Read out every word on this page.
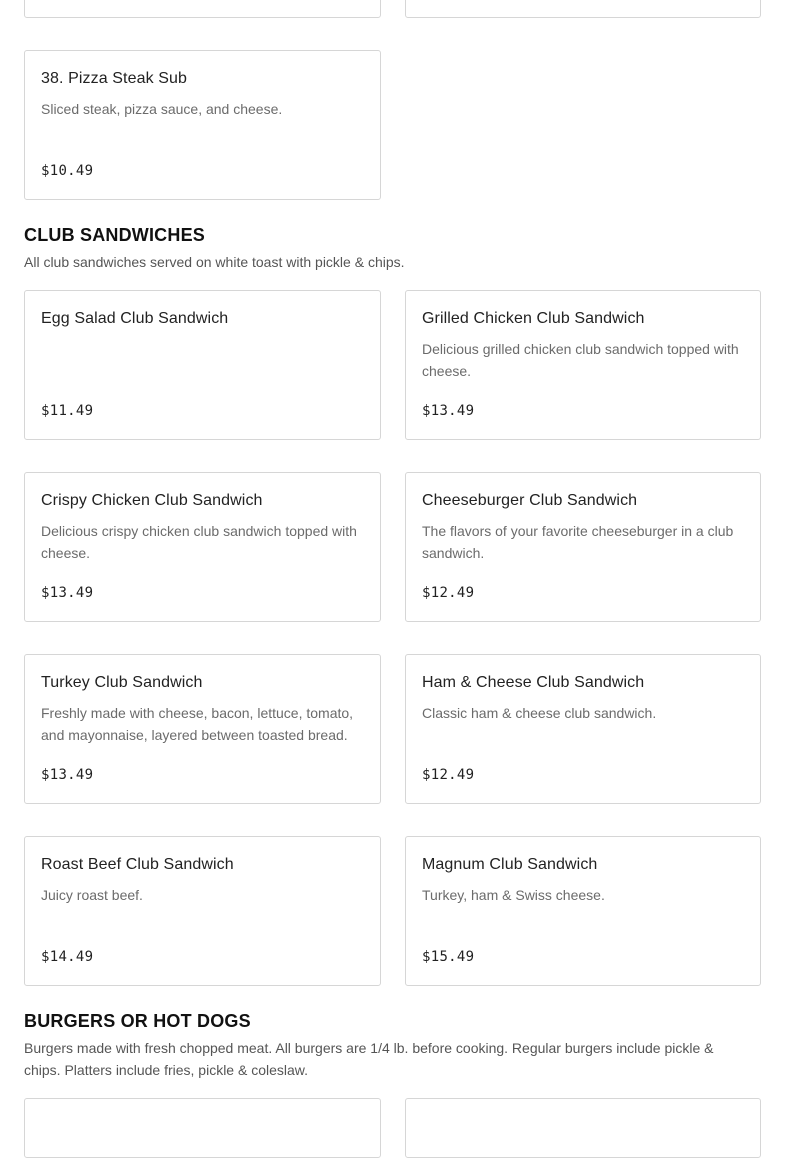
38. Pizza Steak Sub
Sliced steak, pizza sauce, and cheese.
$10.49
CLUB SANDWICHES

All club sandwiches served on white toast with pickle & chips.

Egg Salad Club Sandwich
$11.49
Grilled Chicken Club Sandwich
Delicious grilled chicken club sandwich topped with cheese.
$13.49
Crispy Chicken Club Sandwich
Delicious crispy chicken club sandwich topped with cheese.
$13.49
Cheeseburger Club Sandwich
The flavors of your favorite cheeseburger in a club sandwich.
$12.49
Turkey Club Sandwich
Freshly made with cheese, bacon, lettuce, tomato, and mayonnaise, layered between toasted bread.
$13.49
Ham & Cheese Club Sandwich
Classic ham & cheese club sandwich.
$12.49
Roast Beef Club Sandwich
Juicy roast beef.
$14.49
Magnum Club Sandwich
Turkey, ham & Swiss cheese.
$15.49
BURGERS OR HOT DOGS

Burgers made with fresh chopped meat. All burgers are 1/4 lb. before cooking. Regular burgers include pickle & chips. Platters include fries, pickle & coleslaw.
